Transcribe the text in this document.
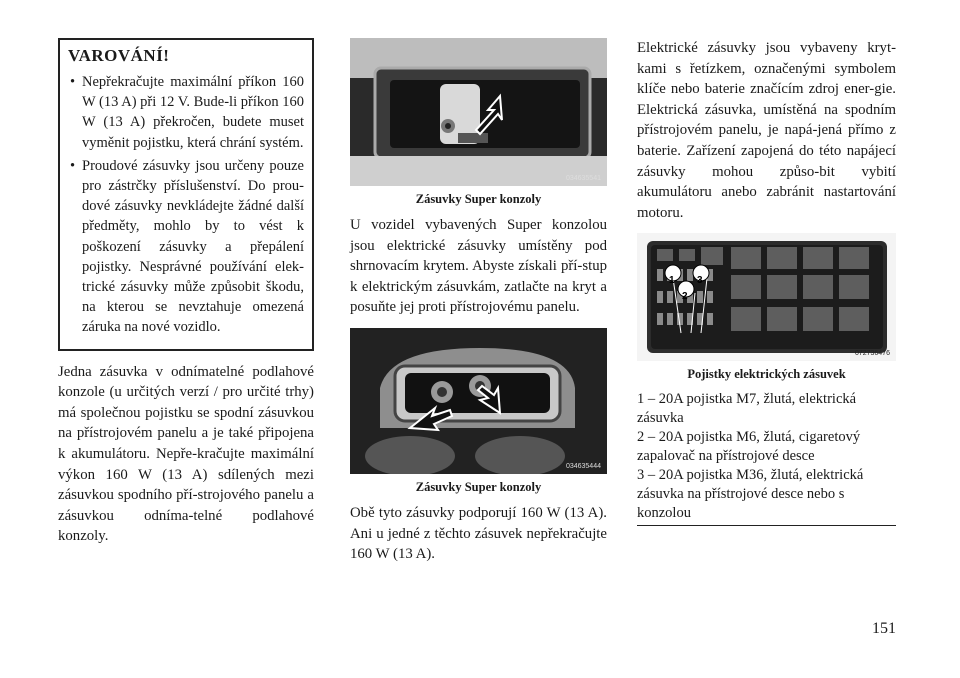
VAROVÁNÍ!
• Nepřekračujte maximální příkon 160 W (13 A) při 12 V. Bude-li příkon 160 W (13 A) překročen, budete muset vyměnit pojistku, která chrání systém.
• Proudové zásuvky jsou určeny pouze pro zástrčky příslušenství. Do prou-dové zásuvky nevkládejte žádné další předměty, mohlo by to vést k poškození zásuvky a přepálení pojistky. Nesprávné používání elek-trické zásuvky může způsobit škodu, na kterou se nevztahuje omezená záruka na nové vozidlo.

Jedna zásuvka v odnímatelné podlahové konzole (u určitých verzí / pro určité trhy) má společnou pojistku se spodní zásuvkou na přístrojovém panelu a je také připojena k akumulátoru. Nepře-kračujte maximální výkon 160 W (13 A) sdílených mezi zásuvkou spodního pří-strojového panelu a zásuvkou odníma-telné podlahové konzoly.

034635541
Zásuvky Super konzoly

U vozidel vybavených Super konzolou jsou elektrické zásuvky umístěny pod shrnovacím krytem. Abyste získali pří-stup k elektrickým zásuvkám, zatlačte na kryt a posuňte jej proti přístrojovému panelu.

034635444
Zásuvky Super konzoly

Obě tyto zásuvky podporují 160 W (13 A). Ani u jedné z těchto zásuvek nepřekračujte 160 W (13 A).

Elektrické zásuvky jsou vybaveny kryt-kami s řetízkem, označenými symbolem klíče nebo baterie značícím zdroj ener-gie. Elektrická zásuvka, umístěná na spodním přístrojovém panelu, je napá-jená přímo z baterie. Zařízení zapojená do této napájecí zásuvky mohou způso-bit vybití akumulátoru anebo zabránit nastartování motoru.

1
2
3
072736476
Pojistky elektrických zásuvek
1 – 20A pojistka M7, žlutá, elektrická zásuvka
2 – 20A pojistka M6, žlutá, cigaretový zapalovač na přístrojové desce
3 – 20A pojistka M36, žlutá, elektrická zásuvka na přístrojové desce nebo s konzolou
151
